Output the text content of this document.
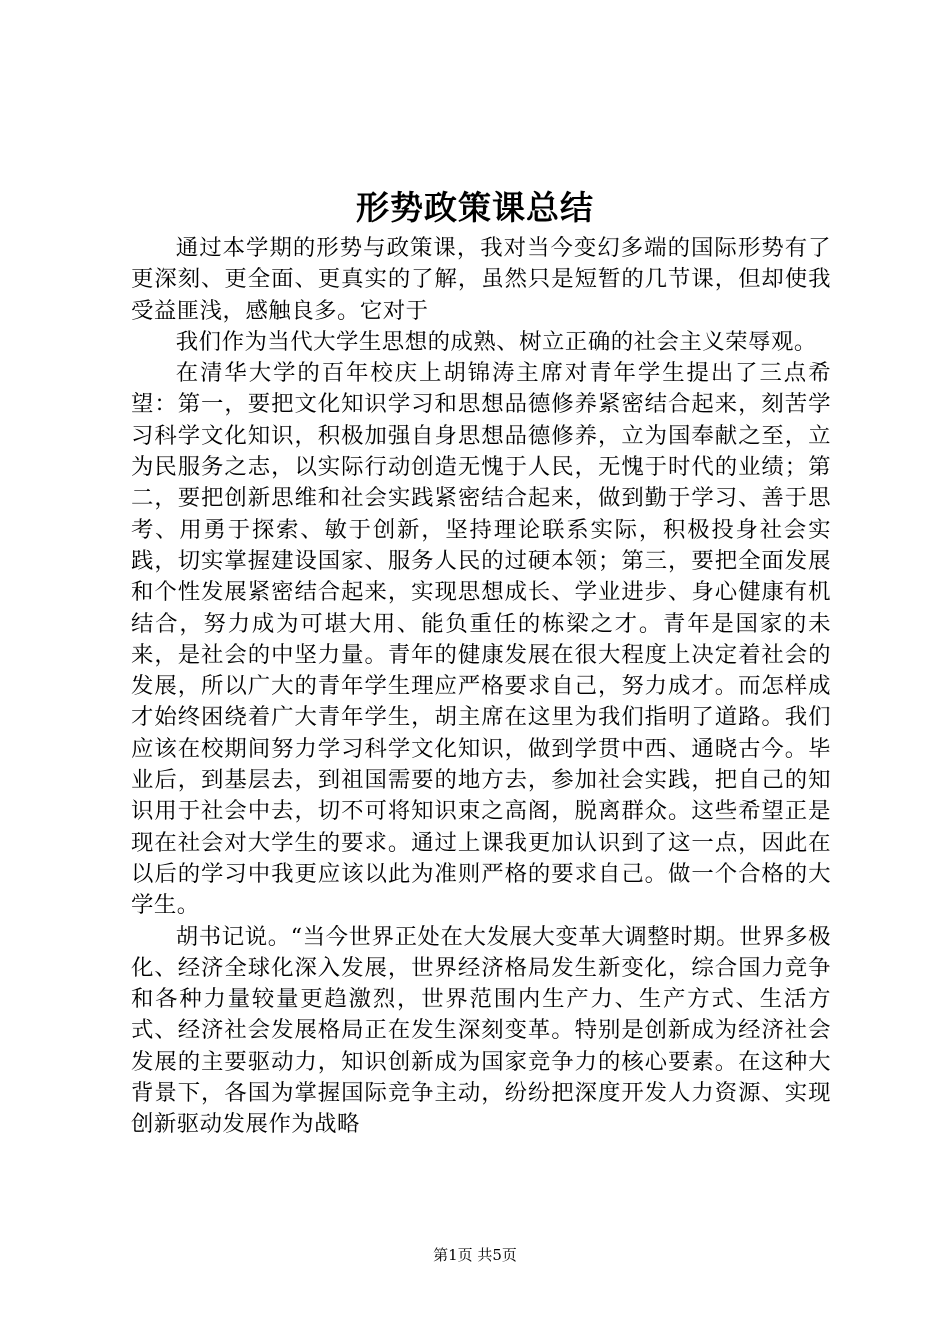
形势政策课总结

通过本学期的形势与政策课，我对当今变幻多端的国际形势有了更深刻、更全面、更真实的了解，虽然只是短暂的几节课，但却使我受益匪浅，感触良多。它对于

我们作为当代大学生思想的成熟、树立正确的社会主义荣辱观。

在清华大学的百年校庆上胡锦涛主席对青年学生提出了三点希望：第一，要把文化知识学习和思想品德修养紧密结合起来，刻苦学习科学文化知识，积极加强自身思想品德修养，立为国奉献之至，立为民服务之志，以实际行动创造无愧于人民，无愧于时代的业绩；第二，要把创新思维和社会实践紧密结合起来，做到勤于学习、善于思考、用勇于探索、敏于创新，坚持理论联系实际，积极投身社会实践，切实掌握建设国家、服务人民的过硬本领；第三，要把全面发展和个性发展紧密结合起来，实现思想成长、学业进步、身心健康有机结合，努力成为可堪大用、能负重任的栋梁之才。青年是国家的未来，是社会的中坚力量。青年的健康发展在很大程度上决定着社会的发展，所以广大的青年学生理应严格要求自己，努力成才。而怎样成才始终困绕着广大青年学生，胡主席在这里为我们指明了道路。我们应该在校期间努力学习科学文化知识，做到学贯中西、通晓古今。毕业后，到基层去，到祖国需要的地方去，参加社会实践，把自己的知识用于社会中去，切不可将知识束之高阁，脱离群众。这些希望正是现在社会对大学生的要求。通过上课我更加认识到了这一点，因此在以后的学习中我更应该以此为准则严格的要求自己。做一个合格的大学生。

胡书记说。“当今世界正处在大发展大变革大调整时期。世界多极化、经济全球化深入发展，世界经济格局发生新变化，综合国力竞争和各种力量较量更趋激烈，世界范围内生产力、生产方式、生活方式、经济社会发展格局正在发生深刻变革。特别是创新成为经济社会发展的主要驱动力，知识创新成为国家竞争力的核心要素。在这种大背景下，各国为掌握国际竞争主动，纷纷把深度开发人力资源、实现创新驱动发展作为战略

第1页 共5页
